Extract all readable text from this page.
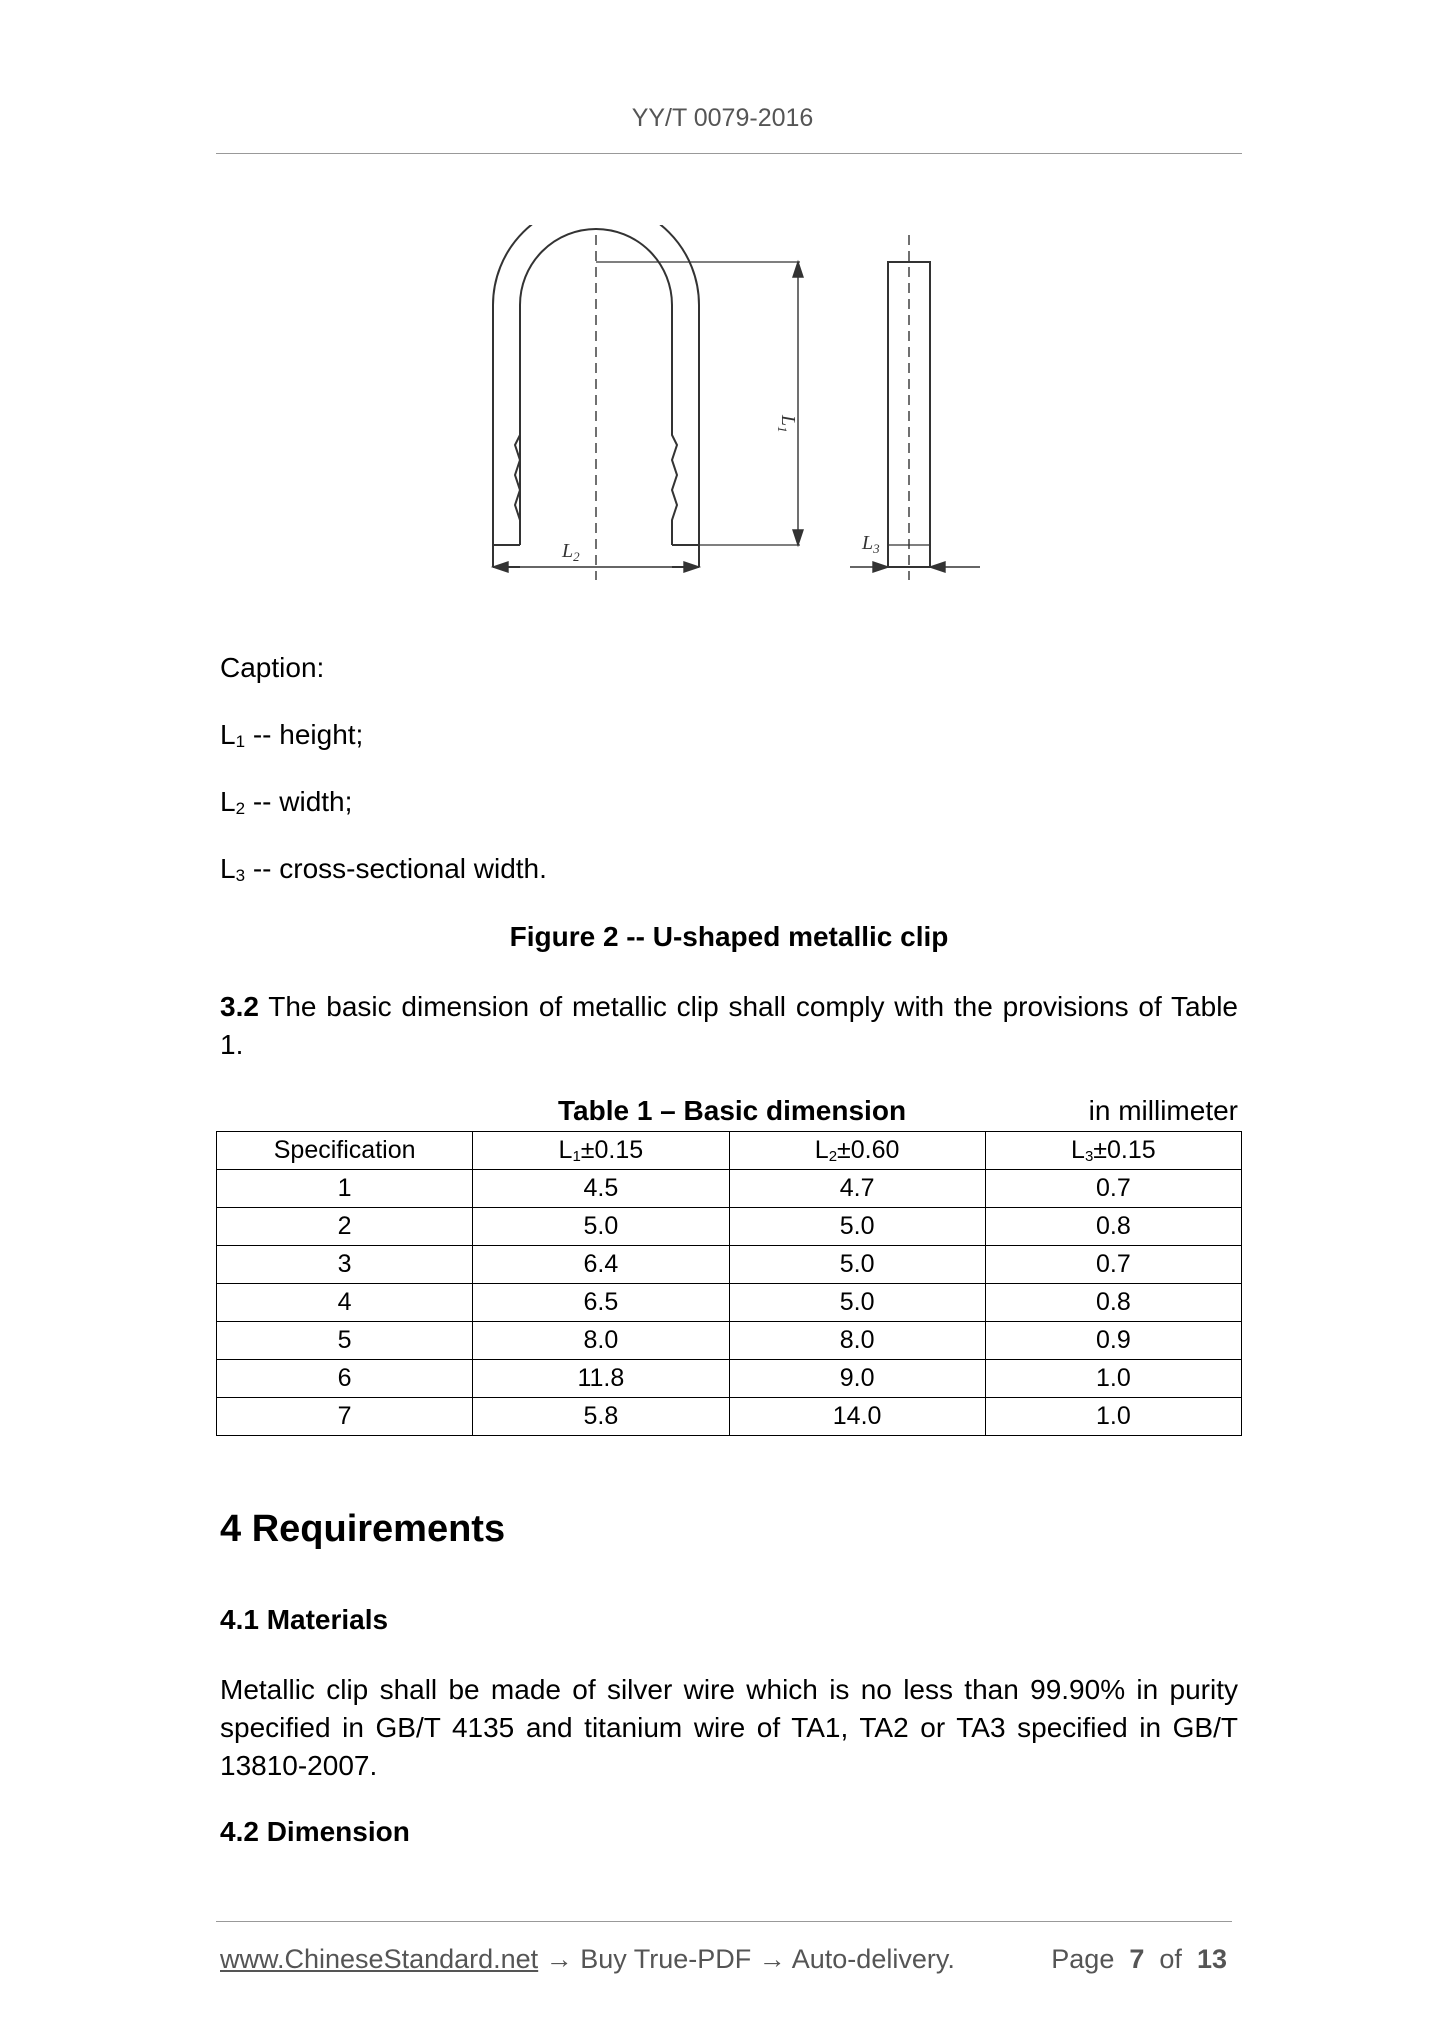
YY/T 0079-2016
$L_1$
$L_2$
$L_3$
Caption:
$L_1$ -- height;
$L_2$ -- width;
$L_3$ -- cross-sectional width.
Figure 2 -- U-shaped metallic clip
3.2 The basic dimension of metallic clip shall comply with the provisions of Table 1.
Table 1 – Basic dimension	in millimeter
Specification	$L_1\pm 0.15$	$L_2\pm 0.60$	$L_3\pm 0.15$
1	4.5	4.7	0.7
2	5.0	5.0	0.8
3	6.4	5.0	0.7
4	6.5	5.0	0.8
5	8.0	8.0	0.9
6	11.8	9.0	1.0
7	5.8	14.0	1.0
4 Requirements
4.1 Materials
Metallic clip shall be made of silver wire which is no less than 99.90% in purity specified in GB/T 4135 and titanium wire of TA1, TA2 or TA3 specified in GB/T 13810-2007.
4.2 Dimension
www.ChineseStandard.net → Buy True-PDF → Auto-delivery.	Page 7 of 13
